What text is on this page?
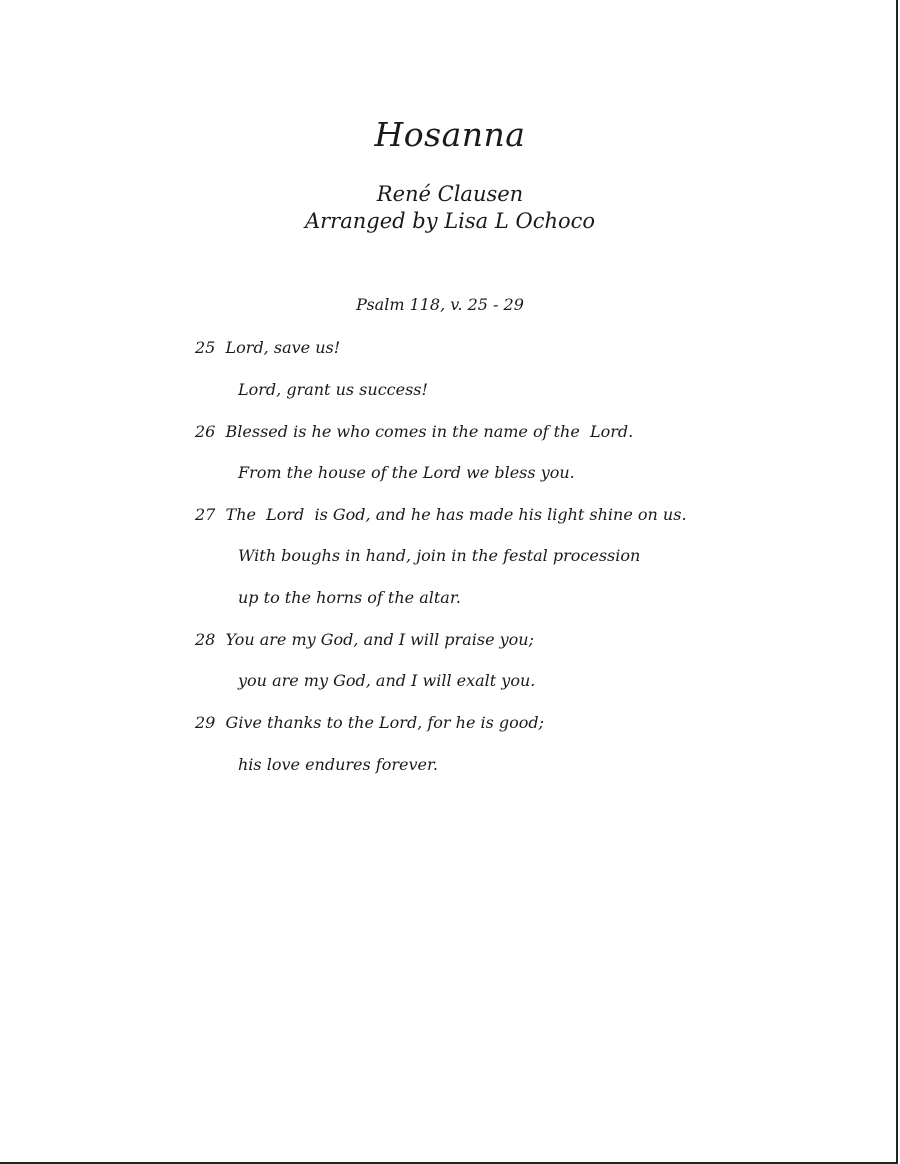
Hosanna
René Clausen
Arranged by Lisa L Ochoco
Psalm 118, v. 25 - 29
25  Lord, save us!
Lord, grant us success!
26  Blessed is he who comes in the name of the  Lord.
From the house of the Lord we bless you.
27  The  Lord  is God, and he has made his light shine on us.
With boughs in hand, join in the festal procession
up to the horns of the altar.
28  You are my God, and I will praise you;
you are my God, and I will exalt you.
29  Give thanks to the Lord, for he is good;
his love endures forever.
